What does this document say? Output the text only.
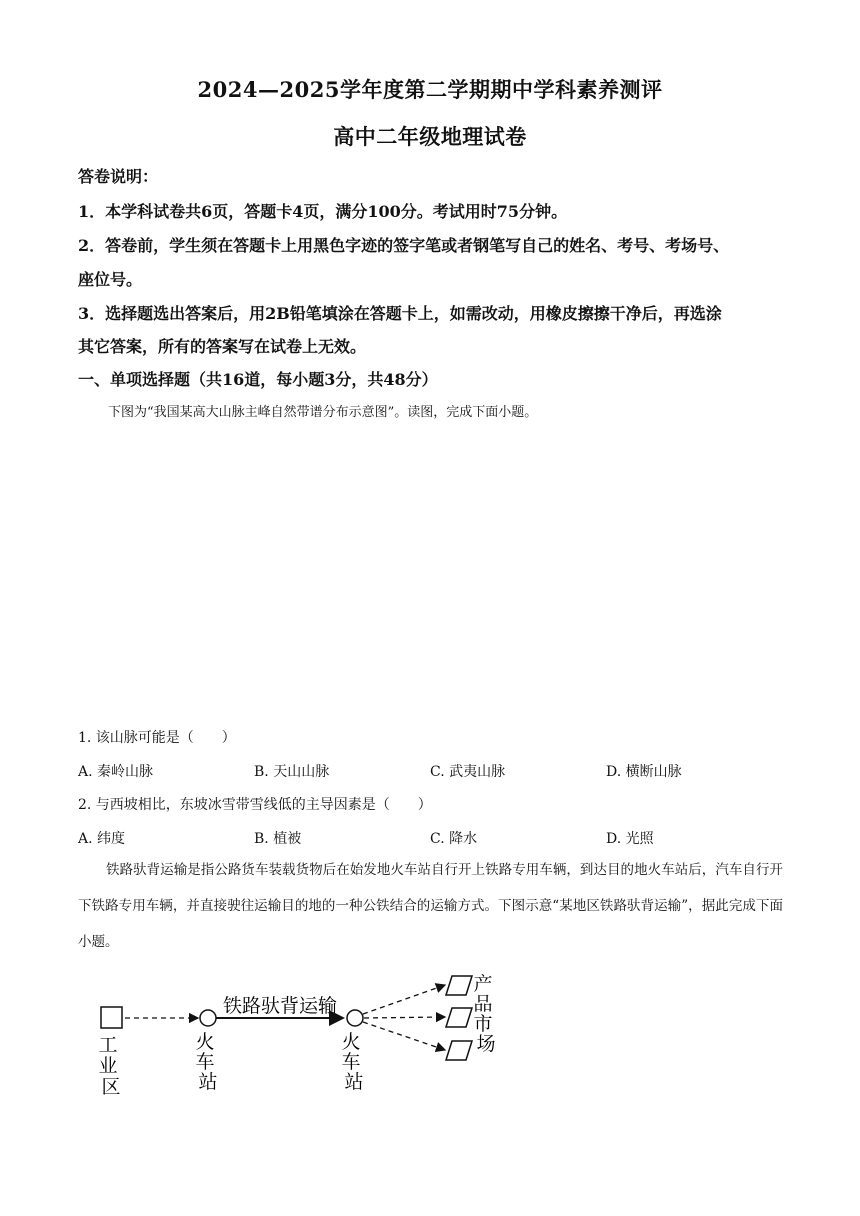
2024—2025学年度第二学期期中学科素养测评
高中二年级地理试卷
答卷说明：
1．本学科试卷共6页，答题卡4页，满分100分。考试用时75分钟。
2．答卷前，学生须在答题卡上用黑色字迹的签字笔或者钢笔写自己的姓名、考号、考场号、
座位号。
3．选择题选出答案后，用2B铅笔填涂在答题卡上，如需改动，用橡皮擦擦干净后，再选涂
其它答案，所有的答案写在试卷上无效。
一、单项选择题（共16道，每小题3分，共48分）
下图为“我国某高大山脉主峰自然带谱分布示意图”。读图，完成下面小题。
1. 该山脉可能是（　　）
A. 秦岭山脉	B. 天山山脉	C. 武夷山脉	D. 横断山脉
2. 与西坡相比，东坡冰雪带雪线低的主导因素是（　　）
A. 纬度	B. 植被	C. 降水	D. 光照
铁路驮背运输是指公路货车装载货物后在始发地火车站自行开上铁路专用车辆，到达目的地火车站后，汽车自行开下铁路专用车辆，并直接驶往运输目的地的一种公铁结合的运输方式。下图示意“某地区铁路驮背运输”，据此完成下面小题。
铁路驮背运输
工 业 区
火 车 站
火 车 站
产 品 市 场
